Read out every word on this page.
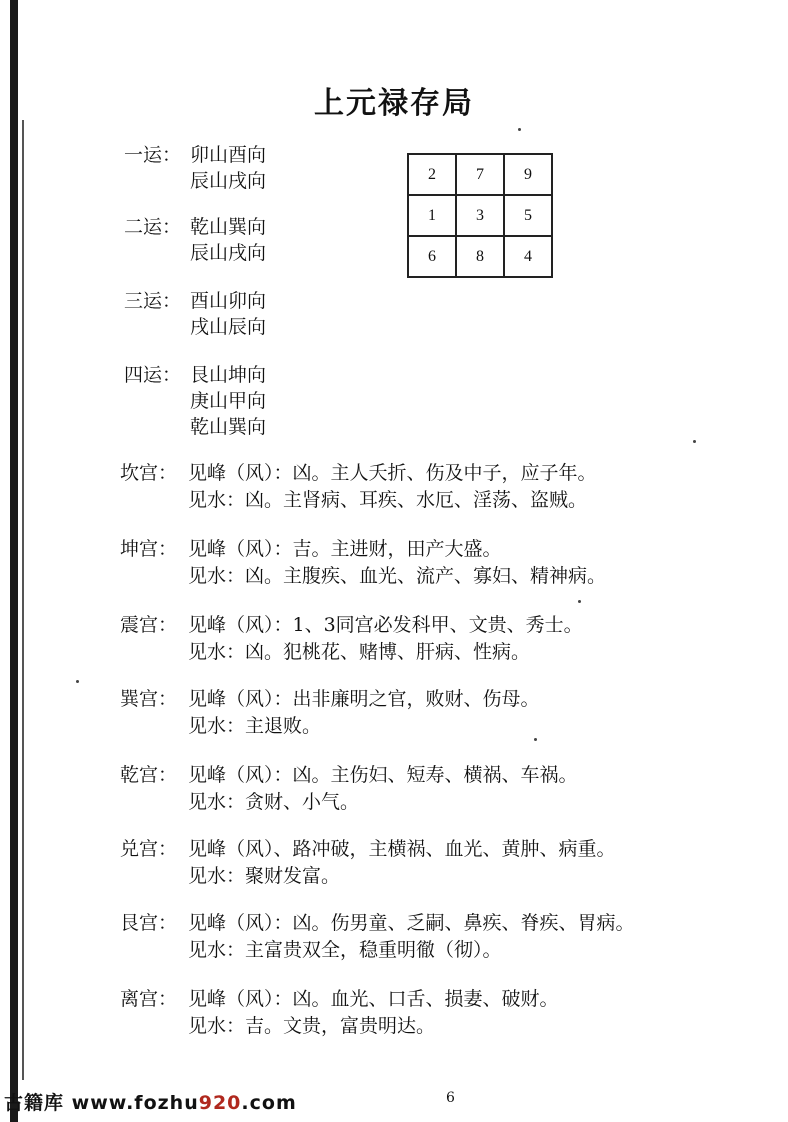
上元禄存局
一运： 卯山酉向
辰山戌向
二运： 乾山巽向
辰山戌向
三运： 酉山卯向
戌山辰向
四运： 艮山坤向
庚山甲向
乾山巽向
2	7	9
1	3	5
6	8	4
坎宫： 见峰（风）：凶。主人夭折、伤及中子，应子年。
见水：凶。主肾病、耳疾、水厄、淫荡、盗贼。
坤宫： 见峰（风）：吉。主进财，田产大盛。
见水：凶。主腹疾、血光、流产、寡妇、精神病。
震宫： 见峰（风）：1、3同宫必发科甲、文贵、秀士。
见水：凶。犯桃花、赌博、肝病、性病。
巽宫： 见峰（风）：出非廉明之官，败财、伤母。
见水：主退败。
乾宫： 见峰（风）：凶。主伤妇、短寿、横祸、车祸。
见水：贪财、小气。
兑宫： 见峰（风）、路冲破，主横祸、血光、黄肿、病重。
见水：聚财发富。
艮宫： 见峰（风）：凶。伤男童、乏嗣、鼻疾、脊疾、胃病。
见水：主富贵双全，稳重明徹（彻）。
离宫： 见峰（风）：凶。血光、口舌、损妻、破财。
见水：吉。文贵，富贵明达。
古籍库 www.fozhu920.com	6
